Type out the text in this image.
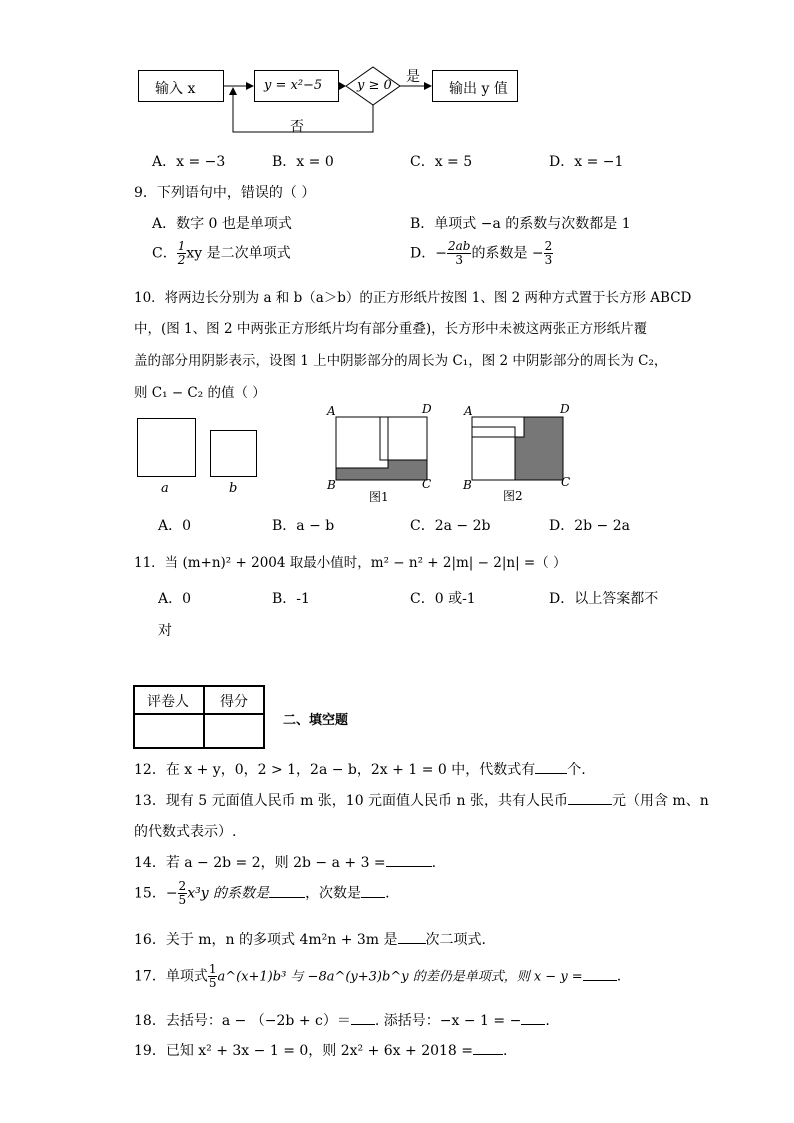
输入 x	y = x²−5	y ≥ 0
是
输出 y 值
否
A．x = −3	B．x = 0	C．x = 5	D．x = −1
9．下列语句中，错误的（ ）
A．数字 0 也是单项式	B．单项式 −a 的系数与次数都是 1
C． $\frac{1}{2}$ xy 是二次单项式	D．− $\frac{2ab}{3}$ 的系数是 − $\frac{2}{3}$
10．将两边长分别为 a 和 b（a＞b）的正方形纸片按图 1、图 2 两种方式置于长方形 ABCD
中，(图 1、图 2 中两张正方形纸片均有部分重叠)，长方形中未被这两张正方形纸片覆
盖的部分用阴影表示，设图 1 上中阴影部分的周长为 C₁，图 2 中阴影部分的周长为 C₂，
则 C₁ − C₂ 的值（ ）
a	b
A	D
B	C
图1
A	D
B	C
图2
A．0	B．a − b	C．2a − 2b	D．2b − 2a
11．当 (m+n)² + 2004 取最小值时，m² − n² + 2|m| − 2|n| =（ ）
A．0	B．-1	C．0 或-1	D．以上答案都不
对
评卷人 得分
二、填空题
12．在 x + y，0，2 > 1，2a − b，2x + 1 = 0 中，代数式有 个.
13．现有 5 元面值人民币 m 张，10 元面值人民币 n 张，共有人民币	元（用含 m、n
的代数式表示）.
14．若 a − 2b = 2，则 2b − a + 3 =	.
15．− $\frac{2}{5} x^3y$ 的系数是	，次数是 .
16．关于 m，n 的多项式 4m²n + 3m 是 次二项式.
17．单项式 $\frac{1}{5}$ a^(x+1)b³ 与 −8a^(y+3)b^y 的差仍是单项式，则 x − y = .
18．去括号：a − （−2b + c）＝ . 添括号：−x − 1 = − .
19．已知 x² + 3x − 1 = 0，则 2x² + 6x + 2018 = .
